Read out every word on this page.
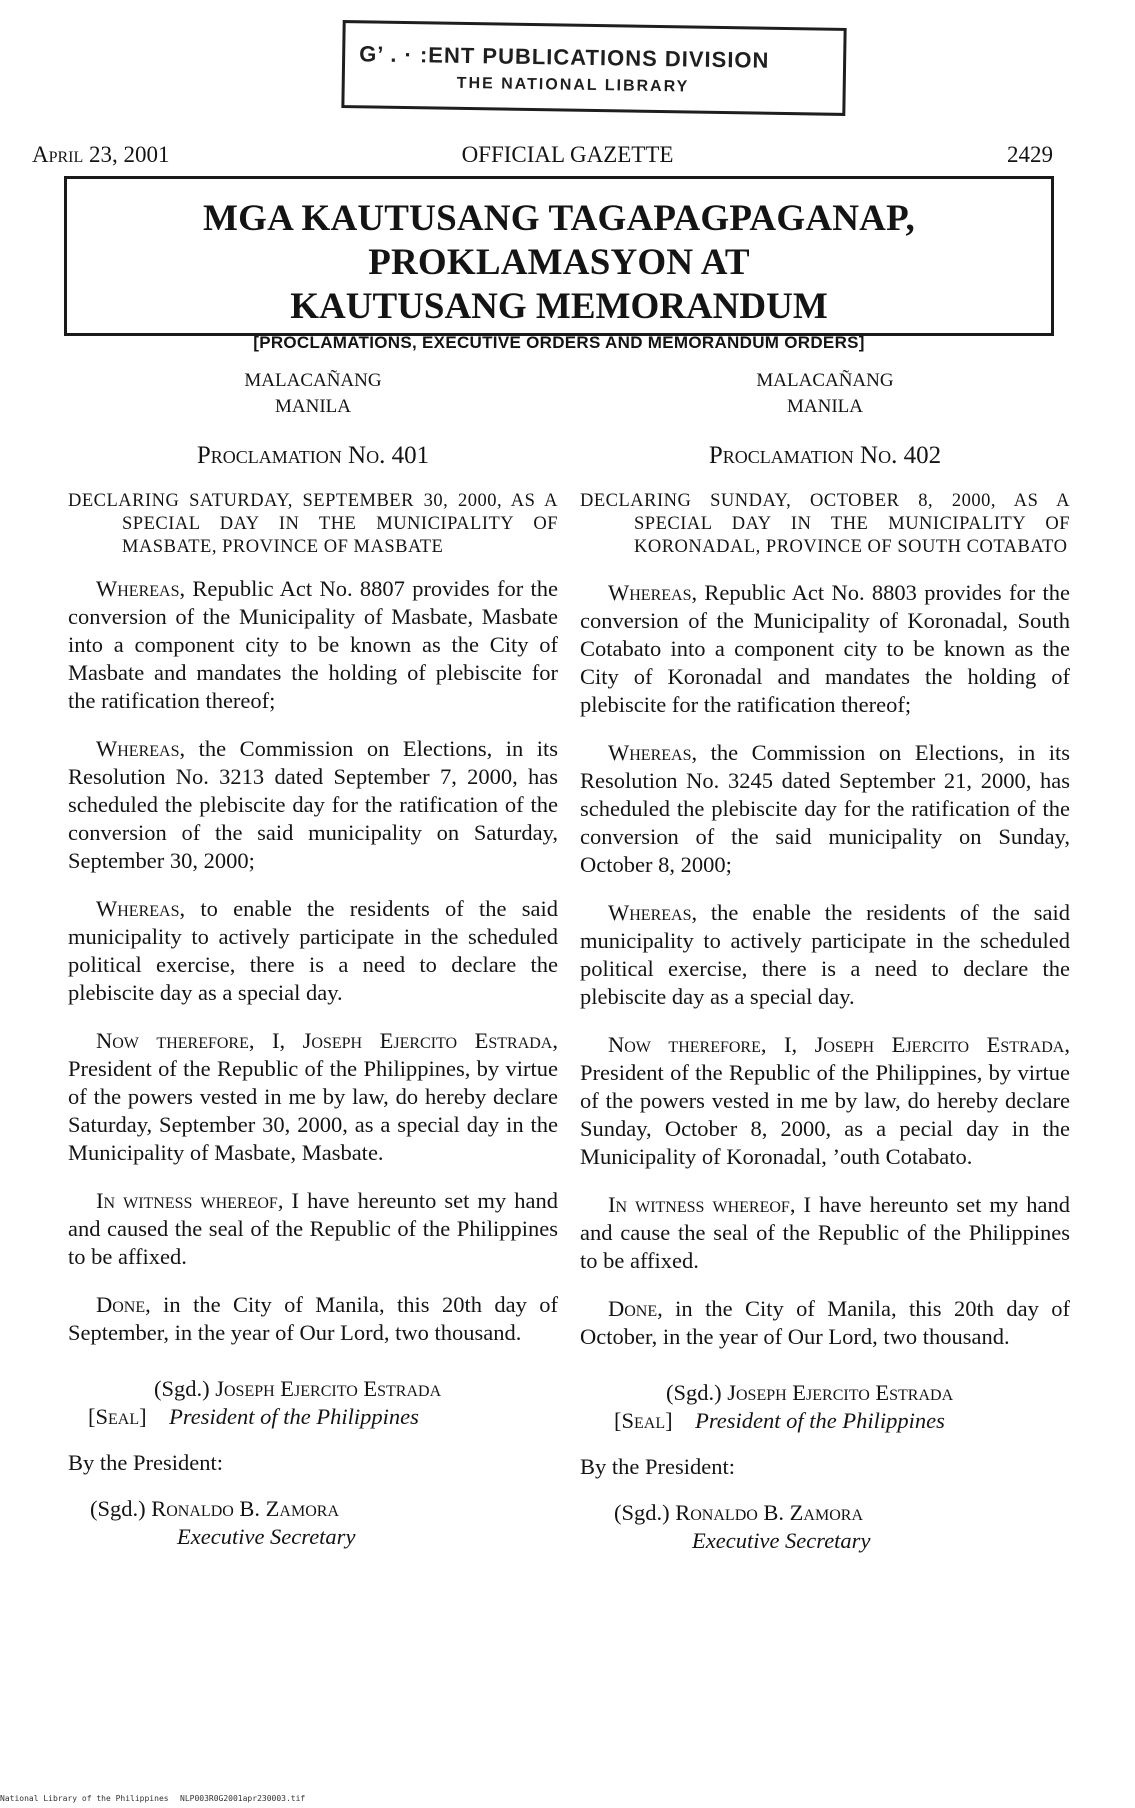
G’ . · :ENT PUBLICATIONS DIVISION
THE NATIONAL LIBRARY
April 23, 2001	OFFICIAL GAZETTE	2429
MGA KAUTUSANG TAGAPAGPAGANAP, PROKLAMASYON AT
KAUTUSANG MEMORANDUM
[PROCLAMATIONS, EXECUTIVE ORDERS AND MEMORANDUM ORDERS]
MALACAÑANG
MANILA
Proclamation No. 401
DECLARING SATURDAY, SEPTEMBER 30, 2000, AS A SPECIAL DAY IN THE MUNICIPALITY OF MASBATE, PROVINCE OF MASBATE

Whereas, Republic Act No. 8807 provides for the conversion of the Municipality of Masbate, Masbate into a component city to be known as the City of Masbate and mandates the holding of plebiscite for the ratification thereof;

Whereas, the Commission on Elections, in its Resolution No. 3213 dated September 7, 2000, has scheduled the plebiscite day for the ratification of the conversion of the said municipality on Saturday, September 30, 2000;

Whereas, to enable the residents of the said municipality to actively participate in the scheduled political exercise, there is a need to declare the plebiscite day as a special day.

Now therefore, I, Joseph Ejercito Estrada, President of the Republic of the Philippines, by virtue of the powers vested in me by law, do hereby declare Saturday, September 30, 2000, as a special day in the Municipality of Masbate, Masbate.

In witness whereof, I have hereunto set my hand and caused the seal of the Republic of the Philippines to be affixed.

Done, in the City of Manila, this 20th day of September, in the year of Our Lord, two thousand.

(Sgd.) Joseph Ejercito Estrada
[Seal] President of the Philippines
By the President:
(Sgd.) Ronaldo B. Zamora
Executive Secretary
MALACAÑANG
MANILA
Proclamation No. 402
DECLARING SUNDAY, OCTOBER 8, 2000, AS A SPECIAL DAY IN THE MUNICIPALITY OF KORONADAL, PROVINCE OF SOUTH COTABATO

Whereas, Republic Act No. 8803 provides for the conversion of the Municipality of Koronadal, South Cotabato into a component city to be known as the City of Koronadal and mandates the holding of plebiscite for the ratification thereof;

Whereas, the Commission on Elections, in its Resolution No. 3245 dated September 21, 2000, has scheduled the plebiscite day for the ratification of the conversion of the said municipality on Sunday, October 8, 2000;

Whereas, the enable the residents of the said municipality to actively participate in the scheduled political exercise, there is a need to declare the plebiscite day as a special day.

Now therefore, I, Joseph Ejercito Estrada, President of the Republic of the Philippines, by virtue of the powers vested in me by law, do hereby declare Sunday, October 8, 2000, as a pecial day in the Municipality of Koronadal, ’outh Cotabato.

In witness whereof, I have hereunto set my hand and cause the seal of the Republic of the Philippines to be affixed.

Done, in the City of Manila, this 20th day of October, in the year of Our Lord, two thousand.

(Sgd.) Joseph Ejercito Estrada
[Seal] President of the Philippines
By the President:
(Sgd.) Ronaldo B. Zamora
Executive Secretary
National Library of the Philippines NLP003R0G2001apr230003.tif
